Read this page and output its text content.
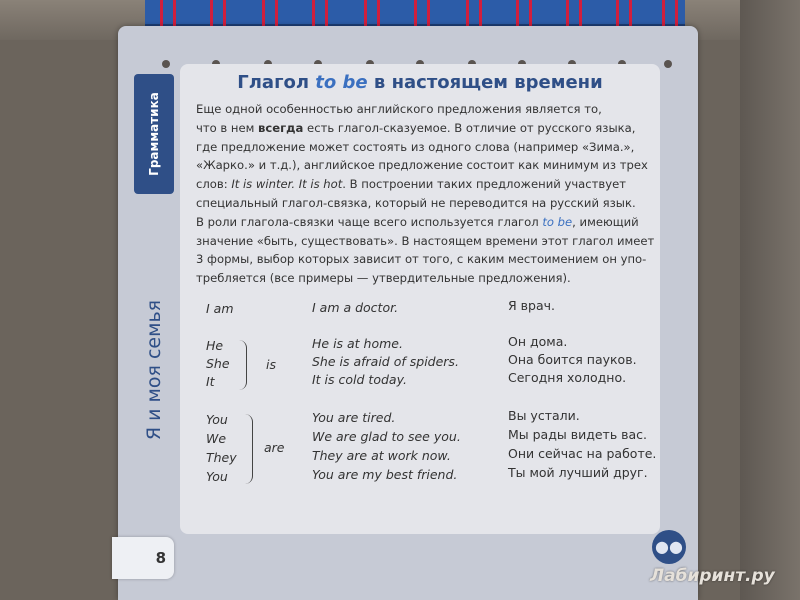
Грамматика
Я и моя семья
Глагол to be в настоящем времени

Еще одной особенностью английского предложения является то,

что в нем всегда есть глагол-сказуемое. В отличие от русского языка,

где предложение может состоять из одного слова (например «Зима.»,

«Жарко.» и т.д.), английское предложение состоит как минимум из трех

слов: It is winter. It is hot. В построении таких предложений участвует

специальный глагол-связка, который не переводится на русский язык.

В роли глагола-связки чаще всего используется глагол to be, имеющий

значение «быть, существовать». В настоящем времени этот глагол имеет

3 формы, выбор которых зависит от того, с каким местоимением он упо-

требляется (все примеры — утвердительные предложения).

I am	I am a doctor.	Я врач.
He
She
It
is
He is at home.
She is afraid of spiders.
It is cold today.
Он дома.
Она боится пауков.
Сегодня холодно.
You
We
They
You
are
You are tired.
We are glad to see you.
They are at work now.
You are my best friend.
Вы устали.
Мы рады видеть вас.
Они сейчас на работе.
Ты мой лучший друг.
8
●●
Лабиринт.ру
